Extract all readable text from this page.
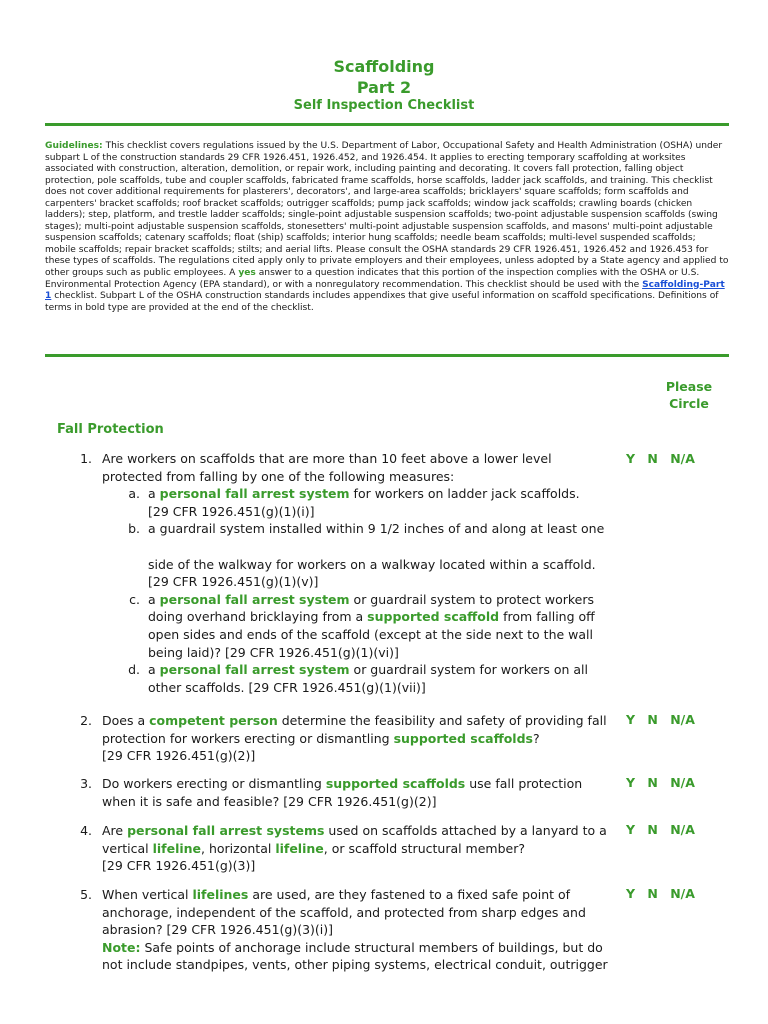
Scaffolding
Part 2
Self Inspection Checklist
Guidelines: This checklist covers regulations issued by the U.S. Department of Labor, Occupational Safety and Health Administration (OSHA) under subpart L of the construction standards 29 CFR 1926.451, 1926.452, and 1926.454. It applies to erecting temporary scaffolding at worksites associated with construction, alteration, demolition, or repair work, including painting and decorating. It covers fall protection, falling object protection, pole scaffolds, tube and coupler scaffolds, fabricated frame scaffolds, horse scaffolds, ladder jack scaffolds, and training. This checklist does not cover additional requirements for plasterers', decorators', and large-area scaffolds; bricklayers' square scaffolds; form scaffolds and carpenters' bracket scaffolds; roof bracket scaffolds; outrigger scaffolds; pump jack scaffolds; window jack scaffolds; crawling boards (chicken ladders); step, platform, and trestle ladder scaffolds; single-point adjustable suspension scaffolds; two-point adjustable suspension scaffolds (swing stages); multi-point adjustable suspension scaffolds, stonesetters' multi-point adjustable suspension scaffolds, and masons' multi-point adjustable suspension scaffolds; catenary scaffolds; float (ship) scaffolds; interior hung scaffolds; needle beam scaffolds; multi-level suspended scaffolds; mobile scaffolds; repair bracket scaffolds; stilts; and aerial lifts. Please consult the OSHA standards 29 CFR 1926.451, 1926.452 and 1926.453 for these types of scaffolds. The regulations cited apply only to private employers and their employees, unless adopted by a State agency and applied to other groups such as public employees. A yes answer to a question indicates that this portion of the inspection complies with the OSHA or U.S. Environmental Protection Agency (EPA standard), or with a nonregulatory recommendation. This checklist should be used with the Scaffolding-Part 1 checklist. Subpart L of the OSHA construction standards includes appendixes that give useful information on scaffold specifications. Definitions of terms in bold type are provided at the end of the checklist.
Please
Circle
Fall Protection
1. Are workers on scaffolds that are more than 10 feet above a lower level protected from falling by one of the following measures:
a. a personal fall arrest system for workers on ladder jack scaffolds.
[29 CFR 1926.451(g)(1)(i)]
b. a guardrail system installed within 9 1/2 inches of and along at least one
side of the walkway for workers on a walkway located within a scaffold.
[29 CFR 1926.451(g)(1)(v)]
c. a personal fall arrest system or guardrail system to protect workers doing overhand bricklaying from a supported scaffold from falling off open sides and ends of the scaffold (except at the side next to the wall being laid)? [29 CFR 1926.451(g)(1)(vi)]
d. a personal fall arrest system or guardrail system for workers on all other scaffolds. [29 CFR 1926.451(g)(1)(vii)]
Y N N/A
2. Does a competent person determine the feasibility and safety of providing fall protection for workers erecting or dismantling supported scaffolds?
[29 CFR 1926.451(g)(2)]
Y N N/A
3. Do workers erecting or dismantling supported scaffolds use fall protection when it is safe and feasible? [29 CFR 1926.451(g)(2)]
Y N N/A
4. Are personal fall arrest systems used on scaffolds attached by a lanyard to a vertical lifeline, horizontal lifeline, or scaffold structural member?
[29 CFR 1926.451(g)(3)]
Y N N/A
5. When vertical lifelines are used, are they fastened to a fixed safe point of anchorage, independent of the scaffold, and protected from sharp edges and abrasion? [29 CFR 1926.451(g)(3)(i)]
Note: Safe points of anchorage include structural members of buildings, but do not include standpipes, vents, other piping systems, electrical conduit, outrigger
Y N N/A
